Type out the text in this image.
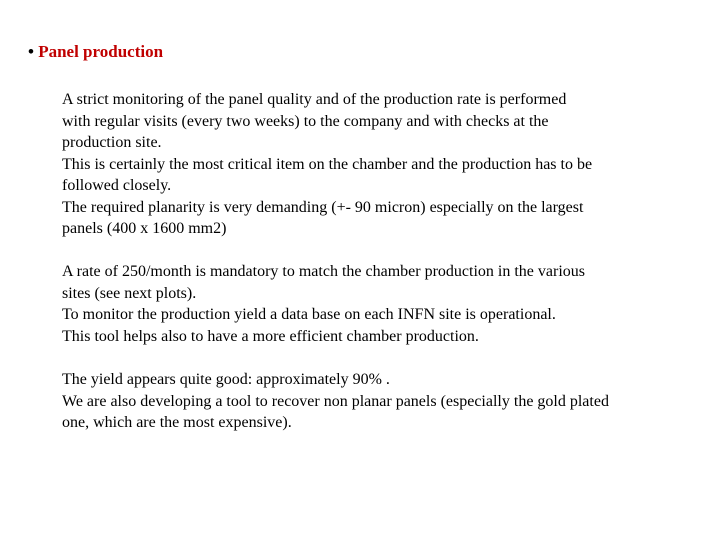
• Panel production
A strict monitoring of the panel quality and of the production rate is performed
with regular visits (every two weeks) to the company and with checks at the
production site.
This is certainly the most critical item on the chamber and the production has to be
followed closely.
The required planarity is very demanding (+- 90 micron) especially on the largest
panels (400 x 1600 mm2)
A rate of 250/month is mandatory to match the chamber production in the various
sites (see next plots).
To monitor the production yield a data base on each INFN site is operational.
This tool helps also to have a more efficient chamber production.
The yield appears quite good: approximately 90% .
We are also developing a tool to recover non planar panels (especially the gold plated
one, which are the most expensive).
